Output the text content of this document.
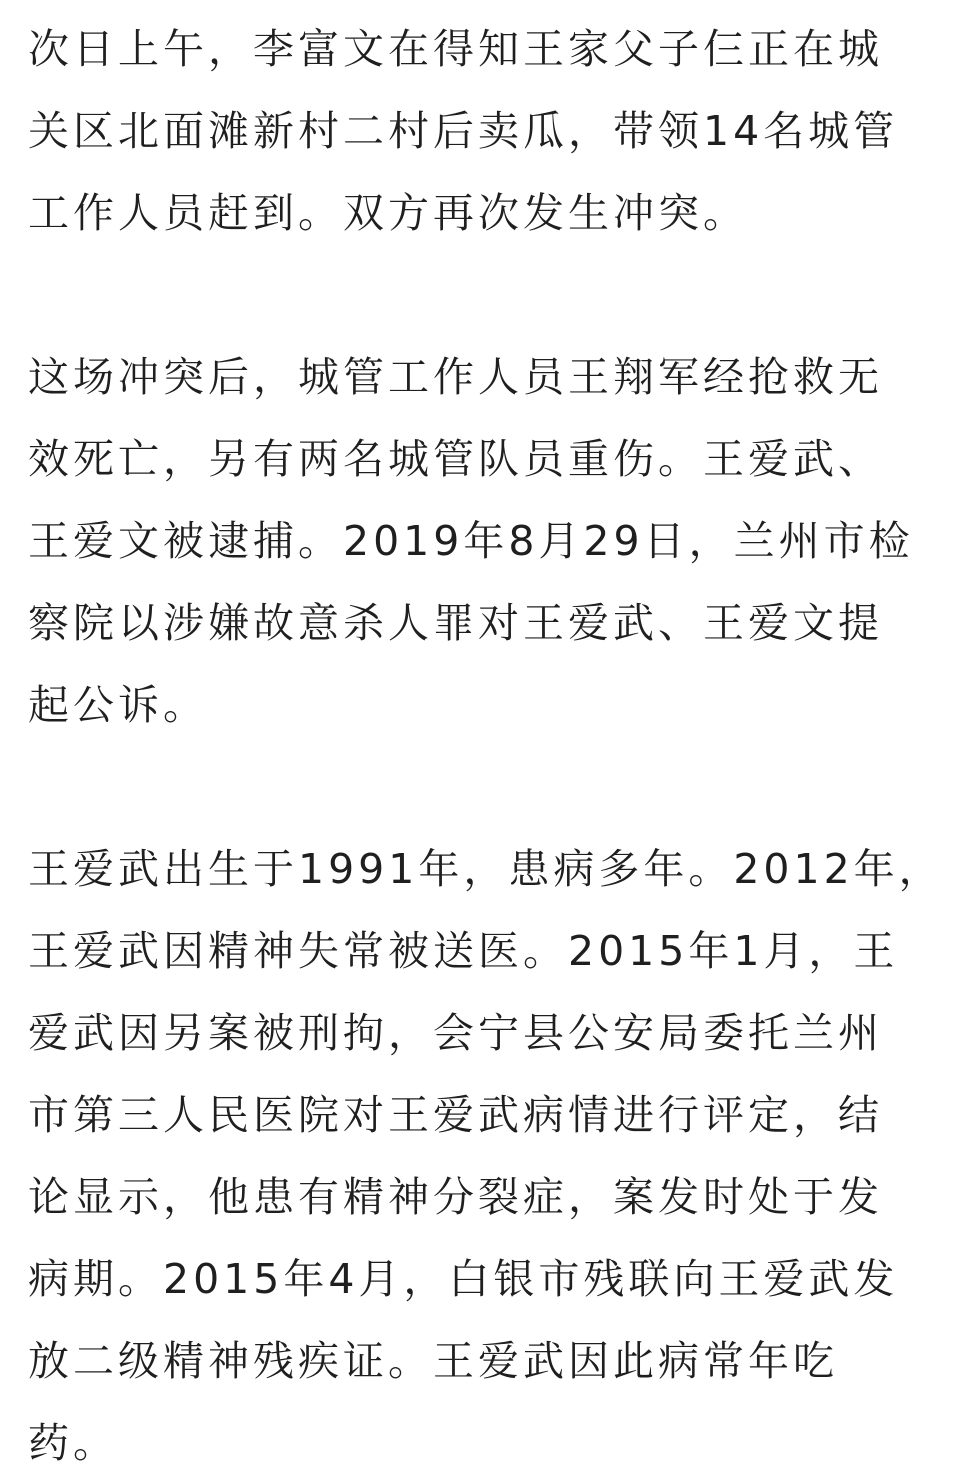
次日上午，李富文在得知王家父子仨正在城
关区北面滩新村二村后卖瓜，带领14名城管
工作人员赶到。双方再次发生冲突。

这场冲突后，城管工作人员王翔军经抢救无
效死亡，另有两名城管队员重伤。王爱武、
王爱文被逮捕。2019年8月29日，兰州市检
察院以涉嫌故意杀人罪对王爱武、王爱文提
起公诉。

王爱武出生于1991年，患病多年。2012年，
王爱武因精神失常被送医。2015年1月，王
爱武因另案被刑拘，会宁县公安局委托兰州
市第三人民医院对王爱武病情进行评定，结
论显示，他患有精神分裂症，案发时处于发
病期。2015年4月，白银市残联向王爱武发
放二级精神残疾证。王爱武因此病常年吃
药。
